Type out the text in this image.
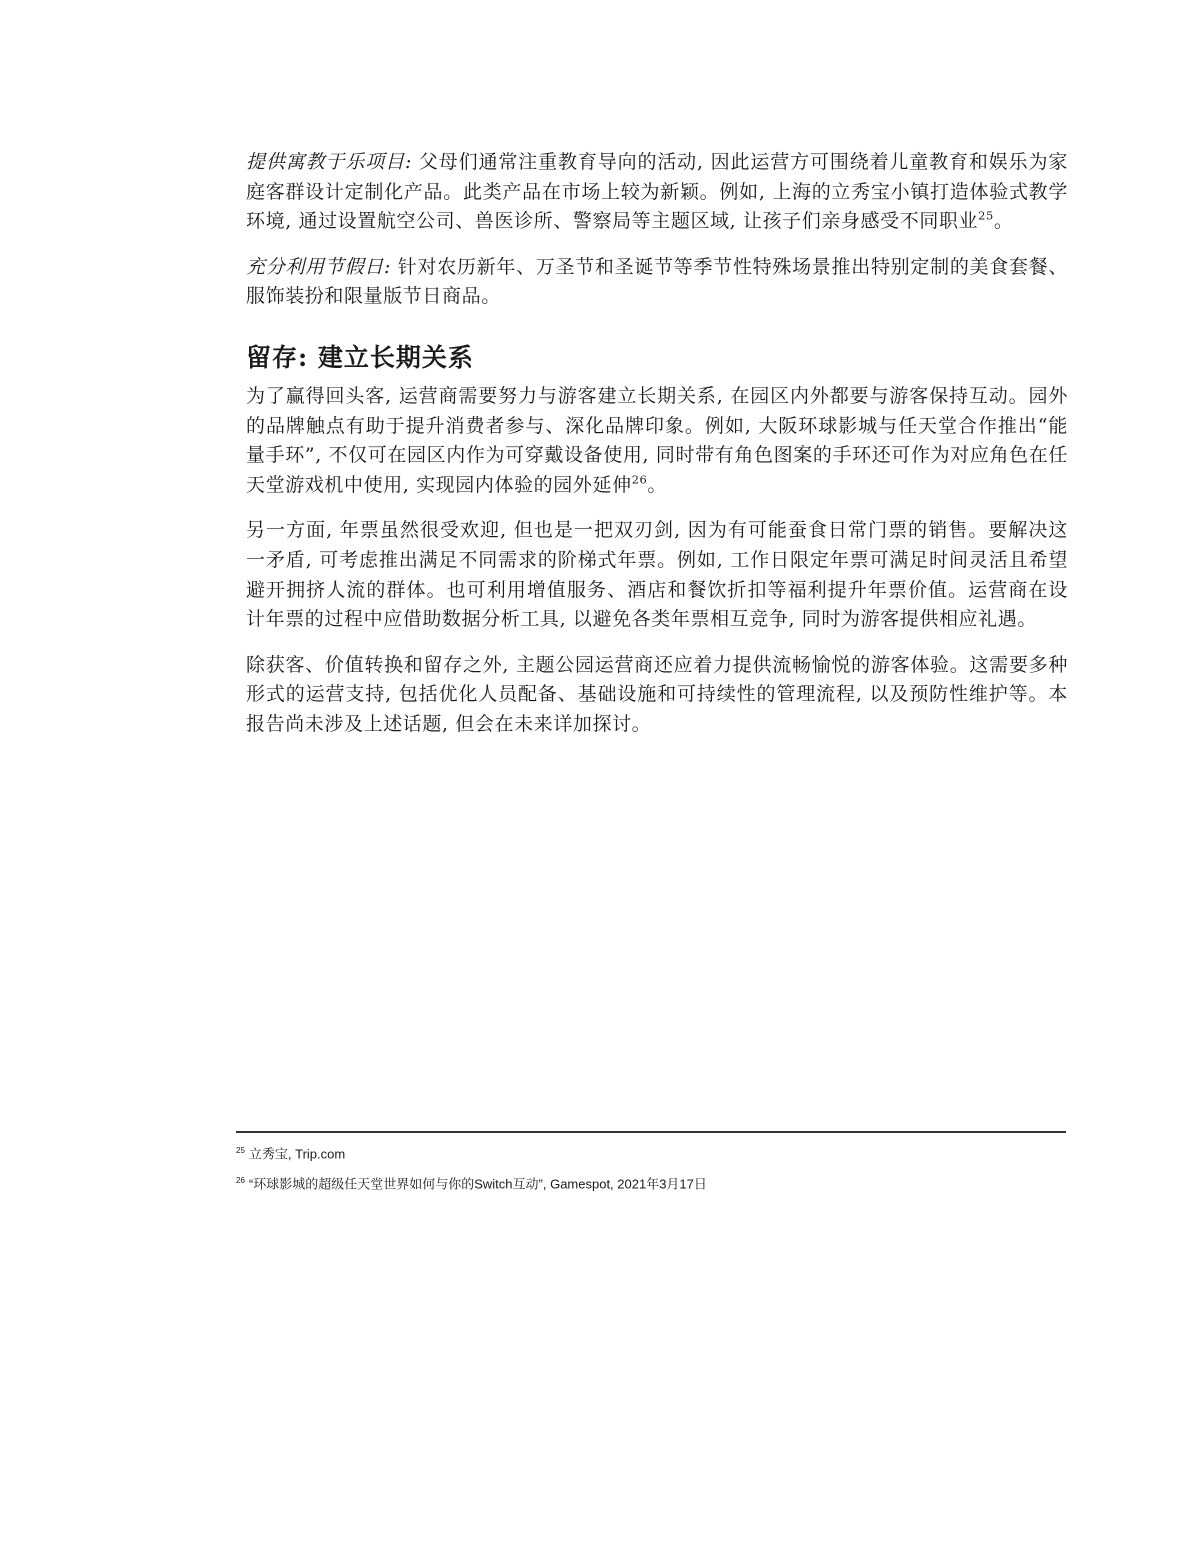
提供寓教于乐项目: 父母们通常注重教育导向的活动, 因此运营方可围绕着儿童教育和娱乐为家庭客群设计定制化产品。此类产品在市场上较为新颖。例如, 上海的立秀宝小镇打造体验式教学环境, 通过设置航空公司、兽医诊所、警察局等主题区域, 让孩子们亲身感受不同职业$^{25}$。

充分利用节假日: 针对农历新年、万圣节和圣诞节等季节性特殊场景推出特别定制的美食套餐、服饰装扮和限量版节日商品。

留存: 建立长期关系

为了赢得回头客, 运营商需要努力与游客建立长期关系, 在园区内外都要与游客保持互动。园外的品牌触点有助于提升消费者参与、深化品牌印象。例如, 大阪环球影城与任天堂合作推出“能量手环”, 不仅可在园区内作为可穿戴设备使用, 同时带有角色图案的手环还可作为对应角色在任天堂游戏机中使用, 实现园内体验的园外延伸$^{26}$。

另一方面, 年票虽然很受欢迎, 但也是一把双刃剑, 因为有可能蚕食日常门票的销售。要解决这一矛盾, 可考虑推出满足不同需求的阶梯式年票。例如, 工作日限定年票可满足时间灵活且希望避开拥挤人流的群体。也可利用增值服务、酒店和餐饮折扣等福利提升年票价值。运营商在设计年票的过程中应借助数据分析工具, 以避免各类年票相互竞争, 同时为游客提供相应礼遇。

除获客、价值转换和留存之外, 主题公园运营商还应着力提供流畅愉悦的游客体验。这需要多种形式的运营支持, 包括优化人员配备、基础设施和可持续性的管理流程, 以及预防性维护等。本报告尚未涉及上述话题, 但会在未来详加探讨。

$^{25}$ 立秀宝, Trip.com
$^{26}$ “环球影城的超级任天堂世界如何与你的Switch互动”, Gamespot, 2021年3月17日
